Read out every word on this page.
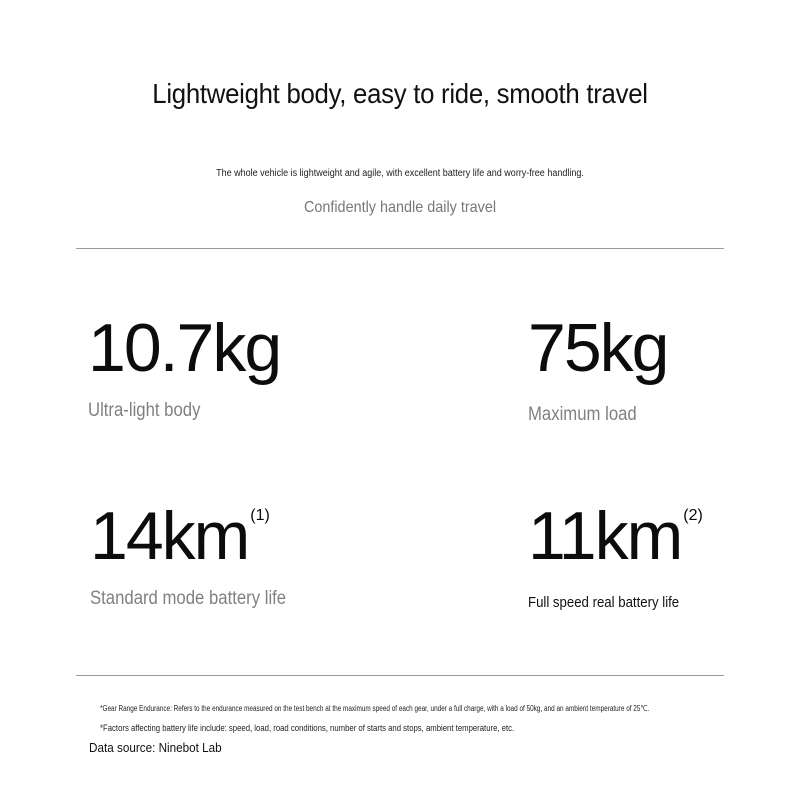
Lightweight body, easy to ride, smooth travel
The whole vehicle is lightweight and agile, with excellent battery life and worry-free handling.
Confidently handle daily travel
10.7kg
Ultra-light body
75kg
Maximum load
14km $^{(1)}$
Standard mode battery life
11km $^{(2)}$
Full speed real battery life
*Gear Range Endurance: Refers to the endurance measured on the test bench at the maximum speed of each gear, under a full charge, with a load of 50kg, and an ambient temperature of 25℃.
*Factors affecting battery life include: speed, load, road conditions, number of starts and stops, ambient temperature, etc.
Data source: Ninebot Lab
